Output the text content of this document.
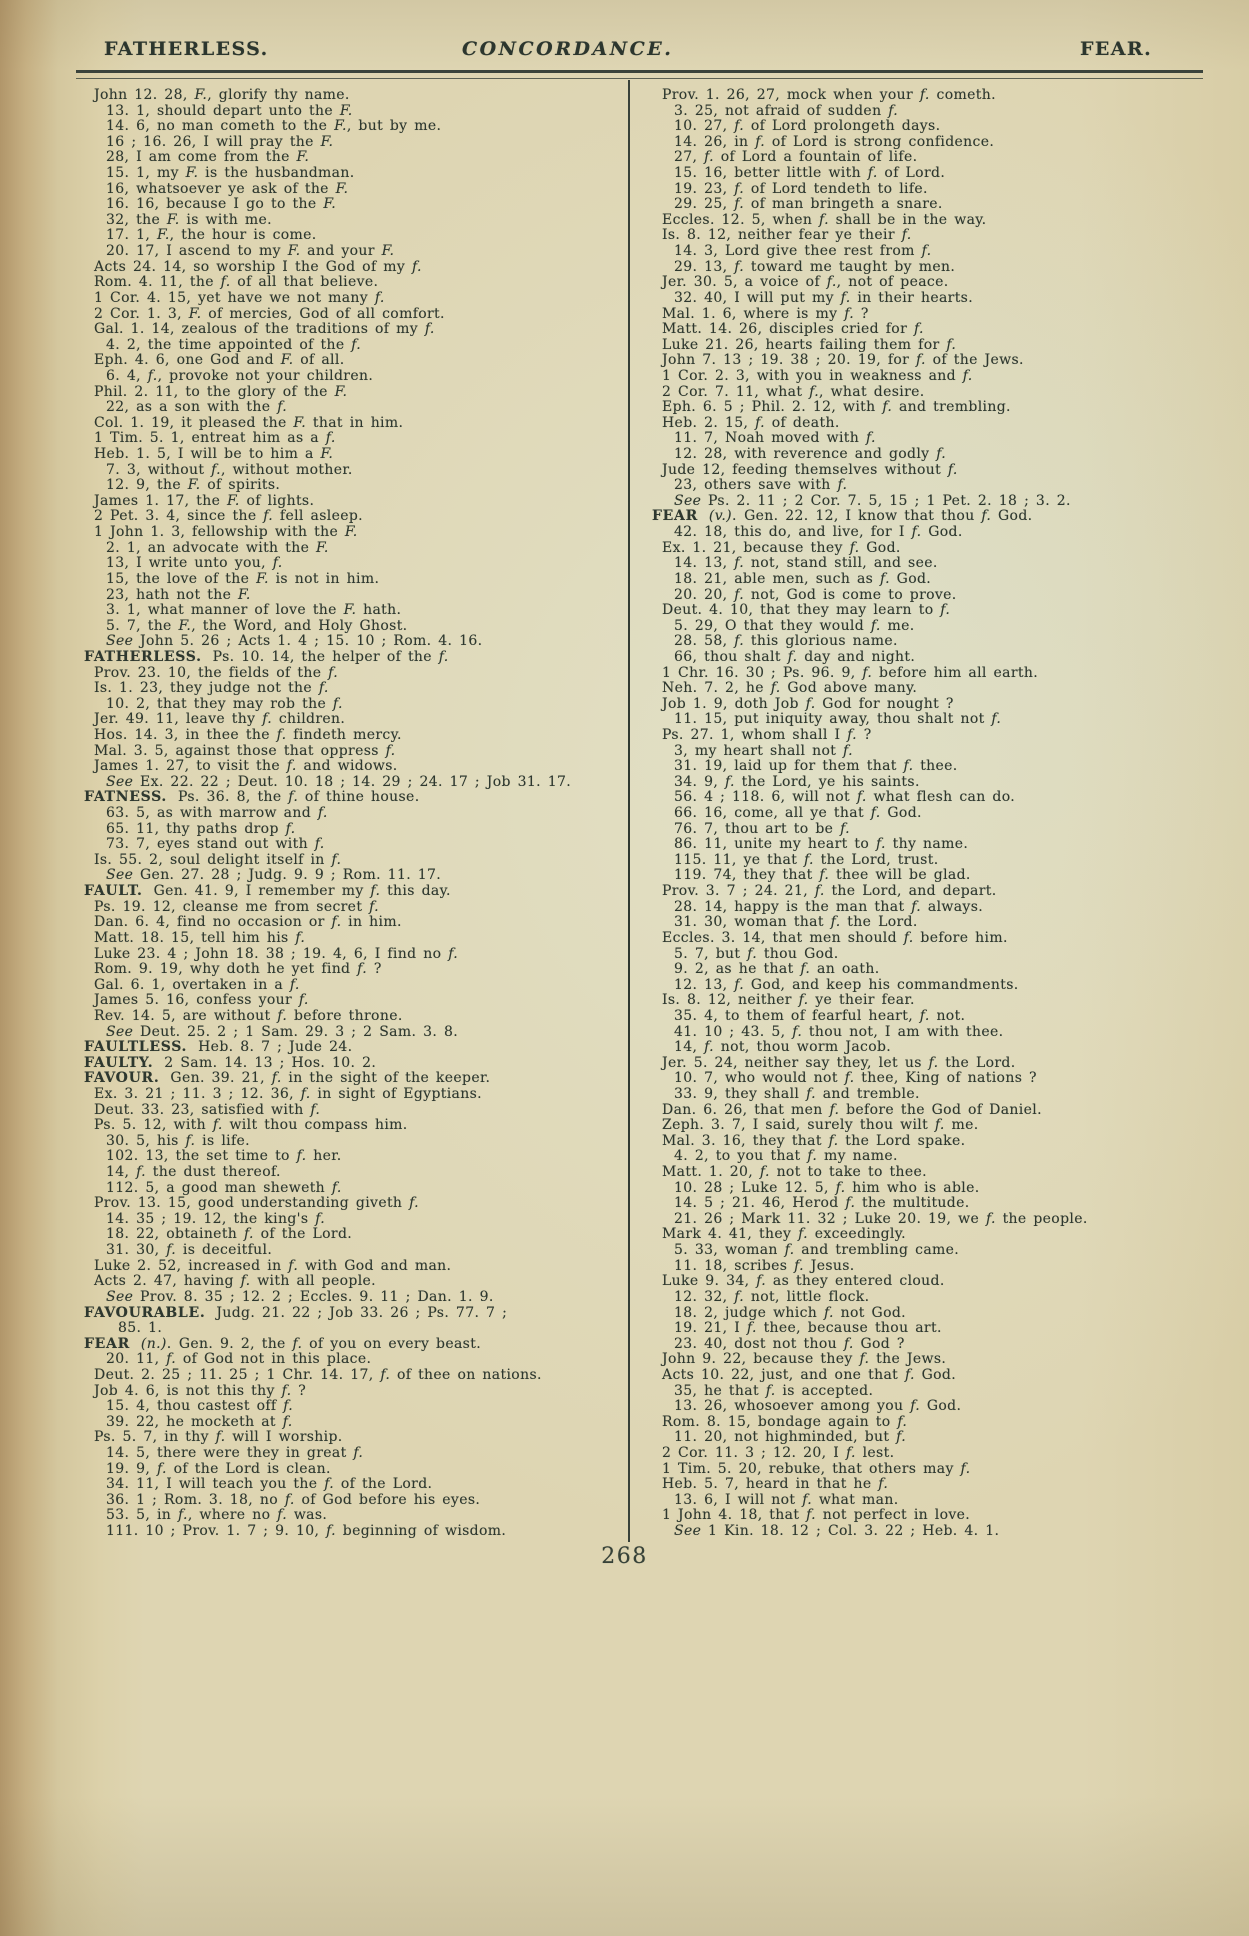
FATHERLESS.	CONCORDANCE.	FEAR.
John 12. 28, F., glorify thy name.
13. 1, should depart unto the F.
14. 6, no man cometh to the F., but by me.
16 ; 16. 26, I will pray the F.
28, I am come from the F.
15. 1, my F. is the husbandman.
16, whatsoever ye ask of the F.
16. 16, because I go to the F.
32, the F. is with me.
17. 1, F., the hour is come.
20. 17, I ascend to my F. and your F.
Acts 24. 14, so worship I the God of my f.
Rom. 4. 11, the f. of all that believe.
1 Cor. 4. 15, yet have we not many f.
2 Cor. 1. 3, F. of mercies, God of all comfort.
Gal. 1. 14, zealous of the traditions of my f.
4. 2, the time appointed of the f.
Eph. 4. 6, one God and F. of all.
6. 4, f., provoke not your children.
Phil. 2. 11, to the glory of the F.
22, as a son with the f.
Col. 1. 19, it pleased the F. that in him.
1 Tim. 5. 1, entreat him as a f.
Heb. 1. 5, I will be to him a F.
7. 3, without f., without mother.
12. 9, the F. of spirits.
James 1. 17, the F. of lights.
2 Pet. 3. 4, since the f. fell asleep.
1 John 1. 3, fellowship with the F.
2. 1, an advocate with the F.
13, I write unto you, f.
15, the love of the F. is not in him.
23, hath not the F.
3. 1, what manner of love the F. hath.
5. 7, the F., the Word, and Holy Ghost.
See John 5. 26 ; Acts 1. 4 ; 15. 10 ; Rom. 4. 16.
FATHERLESS. Ps. 10. 14, the helper of the f.
Prov. 23. 10, the fields of the f.
Is. 1. 23, they judge not the f.
10. 2, that they may rob the f.
Jer. 49. 11, leave thy f. children.
Hos. 14. 3, in thee the f. findeth mercy.
Mal. 3. 5, against those that oppress f.
James 1. 27, to visit the f. and widows.
See Ex. 22. 22 ; Deut. 10. 18 ; 14. 29 ; 24. 17 ; Job 31. 17.
FATNESS. Ps. 36. 8, the f. of thine house.
63. 5, as with marrow and f.
65. 11, thy paths drop f.
73. 7, eyes stand out with f.
Is. 55. 2, soul delight itself in f.
See Gen. 27. 28 ; Judg. 9. 9 ; Rom. 11. 17.
FAULT. Gen. 41. 9, I remember my f. this day.
Ps. 19. 12, cleanse me from secret f.
Dan. 6. 4, find no occasion or f. in him.
Matt. 18. 15, tell him his f.
Luke 23. 4 ; John 18. 38 ; 19. 4, 6, I find no f.
Rom. 9. 19, why doth he yet find f. ?
Gal. 6. 1, overtaken in a f.
James 5. 16, confess your f.
Rev. 14. 5, are without f. before throne.
See Deut. 25. 2 ; 1 Sam. 29. 3 ; 2 Sam. 3. 8.
FAULTLESS. Heb. 8. 7 ; Jude 24.
FAULTY. 2 Sam. 14. 13 ; Hos. 10. 2.
FAVOUR. Gen. 39. 21, f. in the sight of the keeper.
Ex. 3. 21 ; 11. 3 ; 12. 36, f. in sight of Egyptians.
Deut. 33. 23, satisfied with f.
Ps. 5. 12, with f. wilt thou compass him.
30. 5, his f. is life.
102. 13, the set time to f. her.
14, f. the dust thereof.
112. 5, a good man sheweth f.
Prov. 13. 15, good understanding giveth f.
14. 35 ; 19. 12, the king's f.
18. 22, obtaineth f. of the Lord.
31. 30, f. is deceitful.
Luke 2. 52, increased in f. with God and man.
Acts 2. 47, having f. with all people.
See Prov. 8. 35 ; 12. 2 ; Eccles. 9. 11 ; Dan. 1. 9.
FAVOURABLE. Judg. 21. 22 ; Job 33. 26 ; Ps. 77. 7 ;
85. 1.
FEAR (n.). Gen. 9. 2, the f. of you on every beast.
20. 11, f. of God not in this place.
Deut. 2. 25 ; 11. 25 ; 1 Chr. 14. 17, f. of thee on nations.
Job 4. 6, is not this thy f. ?
15. 4, thou castest off f.
39. 22, he mocketh at f.
Ps. 5. 7, in thy f. will I worship.
14. 5, there were they in great f.
19. 9, f. of the Lord is clean.
34. 11, I will teach you the f. of the Lord.
36. 1 ; Rom. 3. 18, no f. of God before his eyes.
53. 5, in f., where no f. was.
111. 10 ; Prov. 1. 7 ; 9. 10, f. beginning of wisdom.
Prov. 1. 26, 27, mock when your f. cometh.
3. 25, not afraid of sudden f.
10. 27, f. of Lord prolongeth days.
14. 26, in f. of Lord is strong confidence.
27, f. of Lord a fountain of life.
15. 16, better little with f. of Lord.
19. 23, f. of Lord tendeth to life.
29. 25, f. of man bringeth a snare.
Eccles. 12. 5, when f. shall be in the way.
Is. 8. 12, neither fear ye their f.
14. 3, Lord give thee rest from f.
29. 13, f. toward me taught by men.
Jer. 30. 5, a voice of f., not of peace.
32. 40, I will put my f. in their hearts.
Mal. 1. 6, where is my f. ?
Matt. 14. 26, disciples cried for f.
Luke 21. 26, hearts failing them for f.
John 7. 13 ; 19. 38 ; 20. 19, for f. of the Jews.
1 Cor. 2. 3, with you in weakness and f.
2 Cor. 7. 11, what f., what desire.
Eph. 6. 5 ; Phil. 2. 12, with f. and trembling.
Heb. 2. 15, f. of death.
11. 7, Noah moved with f.
12. 28, with reverence and godly f.
Jude 12, feeding themselves without f.
23, others save with f.
See Ps. 2. 11 ; 2 Cor. 7. 5, 15 ; 1 Pet. 2. 18 ; 3. 2.
FEAR (v.). Gen. 22. 12, I know that thou f. God.
42. 18, this do, and live, for I f. God.
Ex. 1. 21, because they f. God.
14. 13, f. not, stand still, and see.
18. 21, able men, such as f. God.
20. 20, f. not, God is come to prove.
Deut. 4. 10, that they may learn to f.
5. 29, O that they would f. me.
28. 58, f. this glorious name.
66, thou shalt f. day and night.
1 Chr. 16. 30 ; Ps. 96. 9, f. before him all earth.
Neh. 7. 2, he f. God above many.
Job 1. 9, doth Job f. God for nought ?
11. 15, put iniquity away, thou shalt not f.
Ps. 27. 1, whom shall I f. ?
3, my heart shall not f.
31. 19, laid up for them that f. thee.
34. 9, f. the Lord, ye his saints.
56. 4 ; 118. 6, will not f. what flesh can do.
66. 16, come, all ye that f. God.
76. 7, thou art to be f.
86. 11, unite my heart to f. thy name.
115. 11, ye that f. the Lord, trust.
119. 74, they that f. thee will be glad.
Prov. 3. 7 ; 24. 21, f. the Lord, and depart.
28. 14, happy is the man that f. always.
31. 30, woman that f. the Lord.
Eccles. 3. 14, that men should f. before him.
5. 7, but f. thou God.
9. 2, as he that f. an oath.
12. 13, f. God, and keep his commandments.
Is. 8. 12, neither f. ye their fear.
35. 4, to them of fearful heart, f. not.
41. 10 ; 43. 5, f. thou not, I am with thee.
14, f. not, thou worm Jacob.
Jer. 5. 24, neither say they, let us f. the Lord.
10. 7, who would not f. thee, King of nations ?
33. 9, they shall f. and tremble.
Dan. 6. 26, that men f. before the God of Daniel.
Zeph. 3. 7, I said, surely thou wilt f. me.
Mal. 3. 16, they that f. the Lord spake.
4. 2, to you that f. my name.
Matt. 1. 20, f. not to take to thee.
10. 28 ; Luke 12. 5, f. him who is able.
14. 5 ; 21. 46, Herod f. the multitude.
21. 26 ; Mark 11. 32 ; Luke 20. 19, we f. the people.
Mark 4. 41, they f. exceedingly.
5. 33, woman f. and trembling came.
11. 18, scribes f. Jesus.
Luke 9. 34, f. as they entered cloud.
12. 32, f. not, little flock.
18. 2, judge which f. not God.
19. 21, I f. thee, because thou art.
23. 40, dost not thou f. God ?
John 9. 22, because they f. the Jews.
Acts 10. 22, just, and one that f. God.
35, he that f. is accepted.
13. 26, whosoever among you f. God.
Rom. 8. 15, bondage again to f.
11. 20, not highminded, but f.
2 Cor. 11. 3 ; 12. 20, I f. lest.
1 Tim. 5. 20, rebuke, that others may f.
Heb. 5. 7, heard in that he f.
13. 6, I will not f. what man.
1 John 4. 18, that f. not perfect in love.
See 1 Kin. 18. 12 ; Col. 3. 22 ; Heb. 4. 1.
268
